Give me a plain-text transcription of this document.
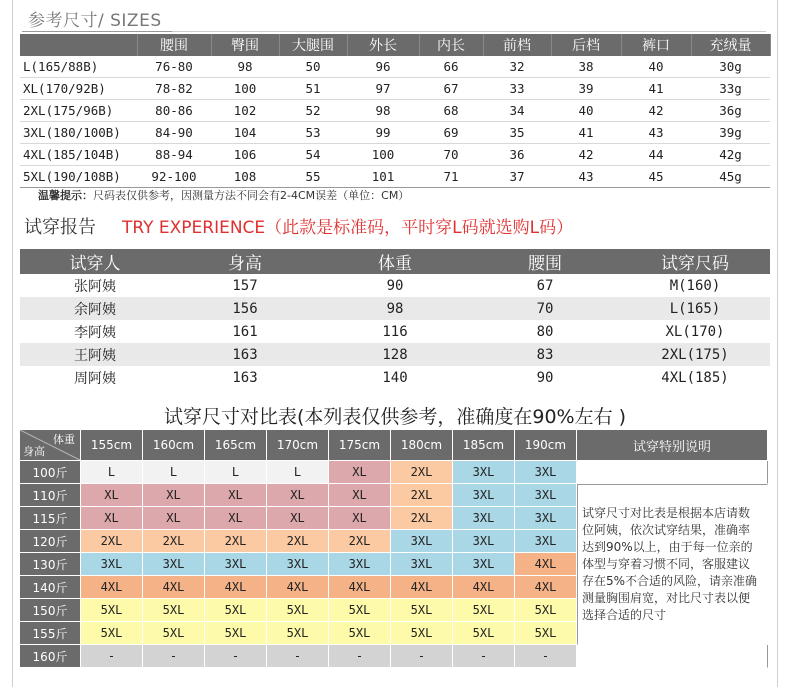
参考尺寸/ SIZES
	腰围	臀围	大腿围	外长	内长	前档	后档	裤口	充绒量
L(165/88B)	76-80	98	50	96	66	32	38	40	30g
XL(170/92B)	78-82	100	51	97	67	33	39	41	33g
2XL(175/96B)	80-86	102	52	98	68	34	40	42	36g
3XL(180/100B)	84-90	104	53	99	69	35	41	43	39g
4XL(185/104B)	88-94	106	54	100	70	36	42	44	42g
5XL(190/108B)	92-100	108	55	101	71	37	43	45	45g
温馨提示：尺码表仅供参考，因测量方法不同会有2-4CM误差（单位：CM）
试穿报告 TRY EXPERIENCE（此款是标准码，平时穿L码就选购L码）
试穿人	身高	体重	腰围	试穿尺码
张阿姨	157	90	67	M(160)
余阿姨	156	98	70	L(165)
李阿姨	161	116	80	XL(170)
王阿姨	163	128	83	2XL(175)
周阿姨	163	140	90	4XL(185)
试穿尺寸对比表(本列表仅供参考，准确度在90%左右 )
体重
身高	155cm	160cm	165cm	170cm	175cm	180cm	185cm	190cm	试穿特别说明
100斤	L	L	L	L	XL	2XL	3XL	3XL	
110斤	XL	XL	XL	XL	XL	2XL	3XL	3XL	试穿尺寸对比表是根据本店请数位阿姨，依次试穿结果，准确率达到90%以上，由于每一位亲的体型与穿着习惯不同，客服建议存在5%不合适的风险，请亲准确测量胸围肩宽，对比尺寸表以便选择合适的尺寸
115斤	XL	XL	XL	XL	XL	2XL	3XL	3XL	
120斤	2XL	2XL	2XL	2XL	2XL	3XL	3XL	3XL	
130斤	3XL	3XL	3XL	3XL	3XL	3XL	3XL	4XL	
140斤	4XL	4XL	4XL	4XL	4XL	4XL	4XL	4XL	
150斤	5XL	5XL	5XL	5XL	5XL	5XL	5XL	5XL	
155斤	5XL	5XL	5XL	5XL	5XL	5XL	5XL	5XL	
160斤	-	-	-	-	-	-	-	-	
